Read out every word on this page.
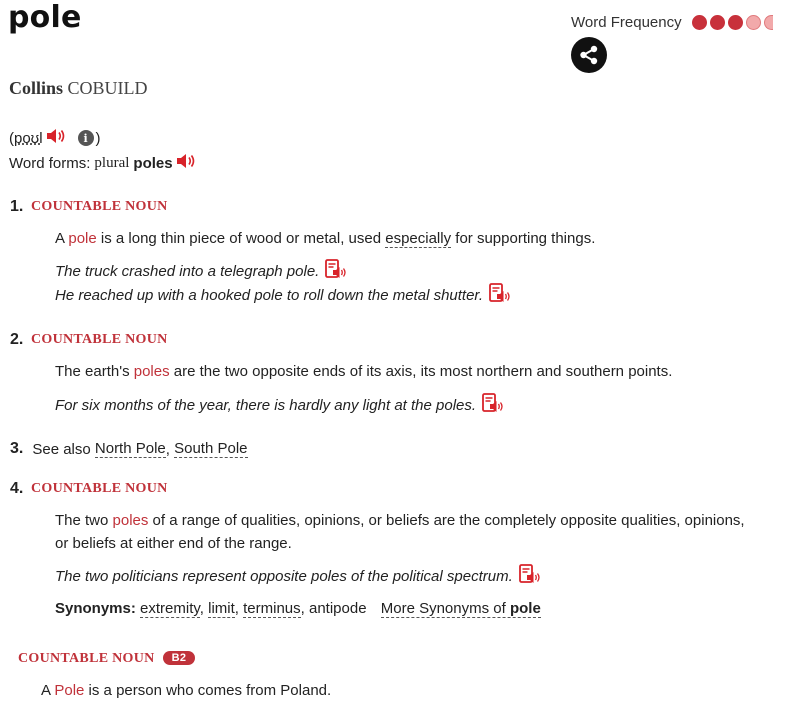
pole	Word Frequency
Collins COBUILD
( poʊl	i )
Word forms: plural poles
1. COUNTABLE NOUN
A pole is a long thin piece of wood or metal, used especially for supporting things.
The truck crashed into a telegraph pole.
He reached up with a hooked pole to roll down the metal shutter.
2. COUNTABLE NOUN
The earth's poles are the two opposite ends of its axis, its most northern and southern points.
For six months of the year, there is hardly any light at the poles.
3. See also
North Pole ,
South Pole
4. COUNTABLE NOUN
The two poles of a range of qualities, opinions, or beliefs are the completely opposite qualities, opinions,
or beliefs at either end of the range.
The two politicians represent opposite poles of the political spectrum.
Synonyms: extremity, limit, terminus, antipode More Synonyms of pole
COUNTABLE NOUN B2
A Pole is a person who comes from Poland.
